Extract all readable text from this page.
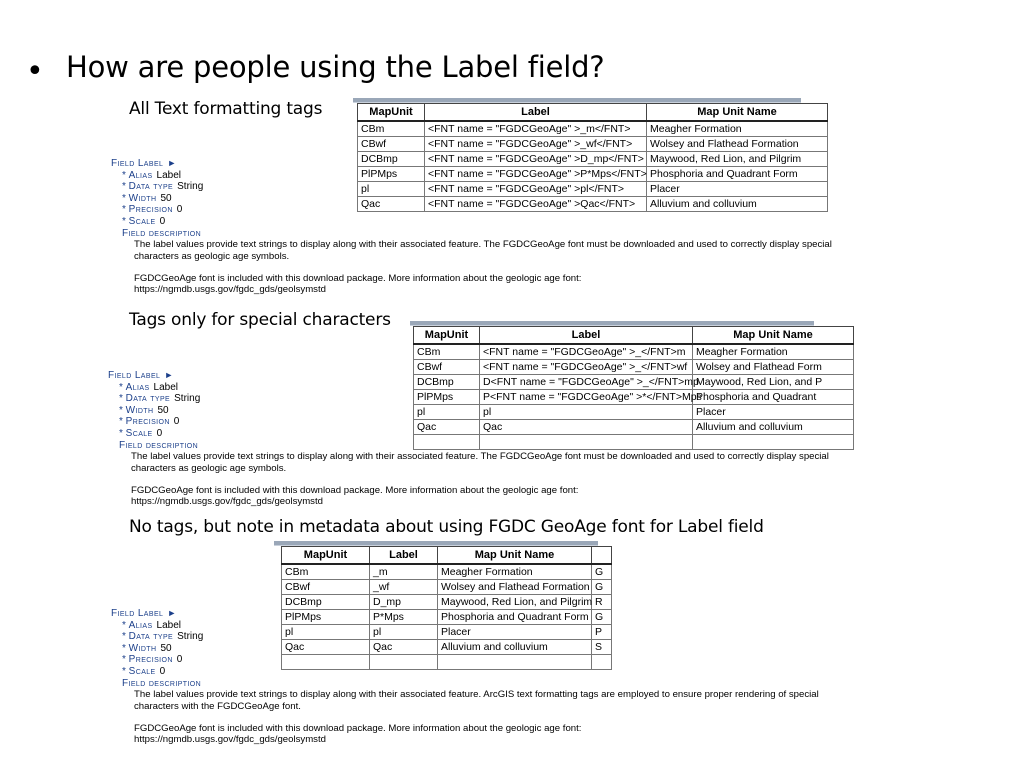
• How are people using the Label field?
All Text formatting tags	MapUnit	Label	Map Unit Name
CBm	<FNT name = "FGDCGeoAge" >_m</FNT>	Meagher Formation
CBwf	<FNT name = "FGDCGeoAge" >_wf</FNT>	Wolsey and Flathead Formation
DCBmp	<FNT name = "FGDCGeoAge" >D_mp</FNT>	Maywood, Red Lion, and Pilgrim
PlPMps	<FNT name = "FGDCGeoAge" >P*Mps</FNT>	Phosphoria and Quadrant Form
pl	<FNT name = "FGDCGeoAge" >pl</FNT>	Placer
Qac	<FNT name = "FGDCGeoAge" >Qac</FNT>	Alluvium and colluvium
Field Label ►
* Alias Label
* Data type String
* Width 50
* Precision 0
* Scale 0
Field description
The label values provide text strings to display along with their associated feature. The FGDCGeoAge font must be downloaded and used to correctly display special
characters as geologic age symbols.
FGDCGeoAge font is included with this download package. More information about the geologic age font:
https://ngmdb.usgs.gov/fgdc_gds/geolsymstd
Tags only for special characters
MapUnit	Label	Map Unit Name
CBm	<FNT name = "FGDCGeoAge" >_</FNT>m	Meagher Formation
CBwf	<FNT name = "FGDCGeoAge" >_</FNT>wf	Wolsey and Flathead Form
DCBmp	D<FNT name = "FGDCGeoAge" >_</FNT>mp	Maywood, Red Lion, and P
PlPMps	P<FNT name = "FGDCGeoAge" >*</FNT>Mps	Phosphoria and Quadrant
pl	pl	Placer
Qac	Qac	Alluvium and colluvium

Field Label ►
* Alias Label
* Data type String
* Width 50
* Precision 0
* Scale 0
Field description
The label values provide text strings to display along with their associated feature. The FGDCGeoAge font must be downloaded and used to correctly display special
characters as geologic age symbols.
FGDCGeoAge font is included with this download package. More information about the geologic age font:
https://ngmdb.usgs.gov/fgdc_gds/geolsymstd
No tags, but note in metadata about using FGDC GeoAge font for Label field
MapUnit	Label	Map Unit Name	
CBm	_m	Meagher Formation	G
CBwf	_wf	Wolsey and Flathead Formation	G
DCBmp	D_mp	Maywood, Red Lion, and Pilgrim	R
PlPMps	P*Mps	Phosphoria and Quadrant Form	G
pl	pl	Placer	P
Qac	Qac	Alluvium and colluvium	S

Field Label ►
* Alias Label
* Data type String
* Width 50
* Precision 0
* Scale 0
Field description
The label values provide text strings to display along with their associated feature. ArcGIS text formatting tags are employed to ensure proper rendering of special
characters with the FGDCGeoAge font.
FGDCGeoAge font is included with this download package. More information about the geologic age font:
https://ngmdb.usgs.gov/fgdc_gds/geolsymstd
